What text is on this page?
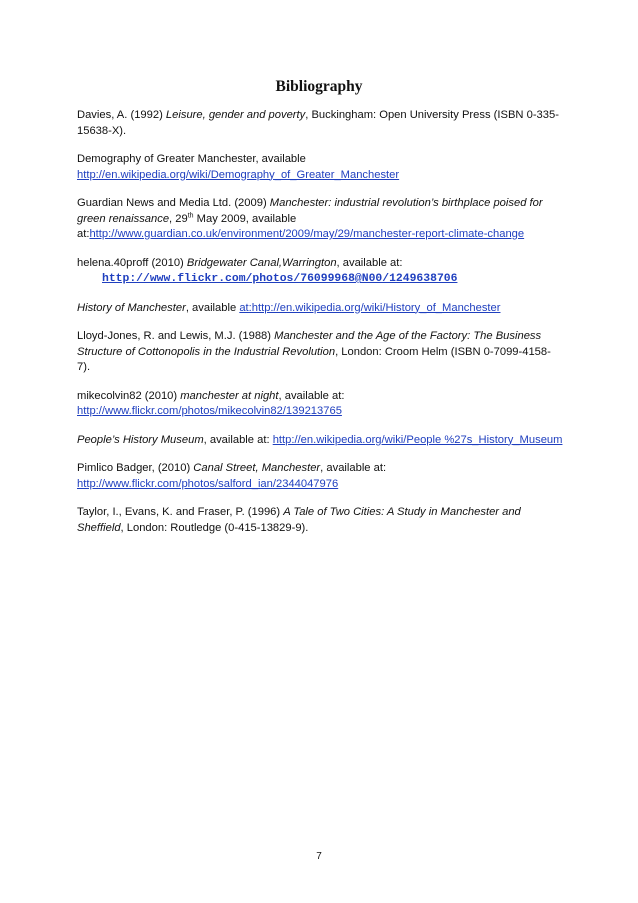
Bibliography
Davies, A. (1992) Leisure, gender and poverty, Buckingham: Open University Press (ISBN 0-335-15638-X).
Demography of Greater Manchester, available
http://en.wikipedia.org/wiki/Demography_of_Greater_Manchester
Guardian News and Media Ltd. (2009) Manchester: industrial revolution’s birthplace poised for green renaissance, 29th May 2009, available
at:http://www.guardian.co.uk/environment/2009/may/29/manchester-report-climate-change
helena.40proff (2010) Bridgewater Canal,Warrington, available at:

http://www.flickr.com/photos/76099968@N00/1249638706
History of Manchester, available at:http://en.wikipedia.org/wiki/History_of_Manchester
Lloyd-Jones, R. and Lewis, M.J. (1988) Manchester and the Age of the Factory: The Business Structure of Cottonopolis in the Industrial Revolution, London: Croom Helm (ISBN 0-7099-4158-7).
mikecolvin82 (2010) manchester at night, available at:
http://www.flickr.com/photos/mikecolvin82/139213765
People’s History Museum, available at: http://en.wikipedia.org/wiki/People %27s_History_Museum
Pimlico Badger, (2010) Canal Street, Manchester, available at:
http://www.flickr.com/photos/salford_ian/2344047976
Taylor, I., Evans, K. and Fraser, P. (1996) A Tale of Two Cities: A Study in Manchester and Sheffield, London: Routledge (0-415-13829-9).
7
